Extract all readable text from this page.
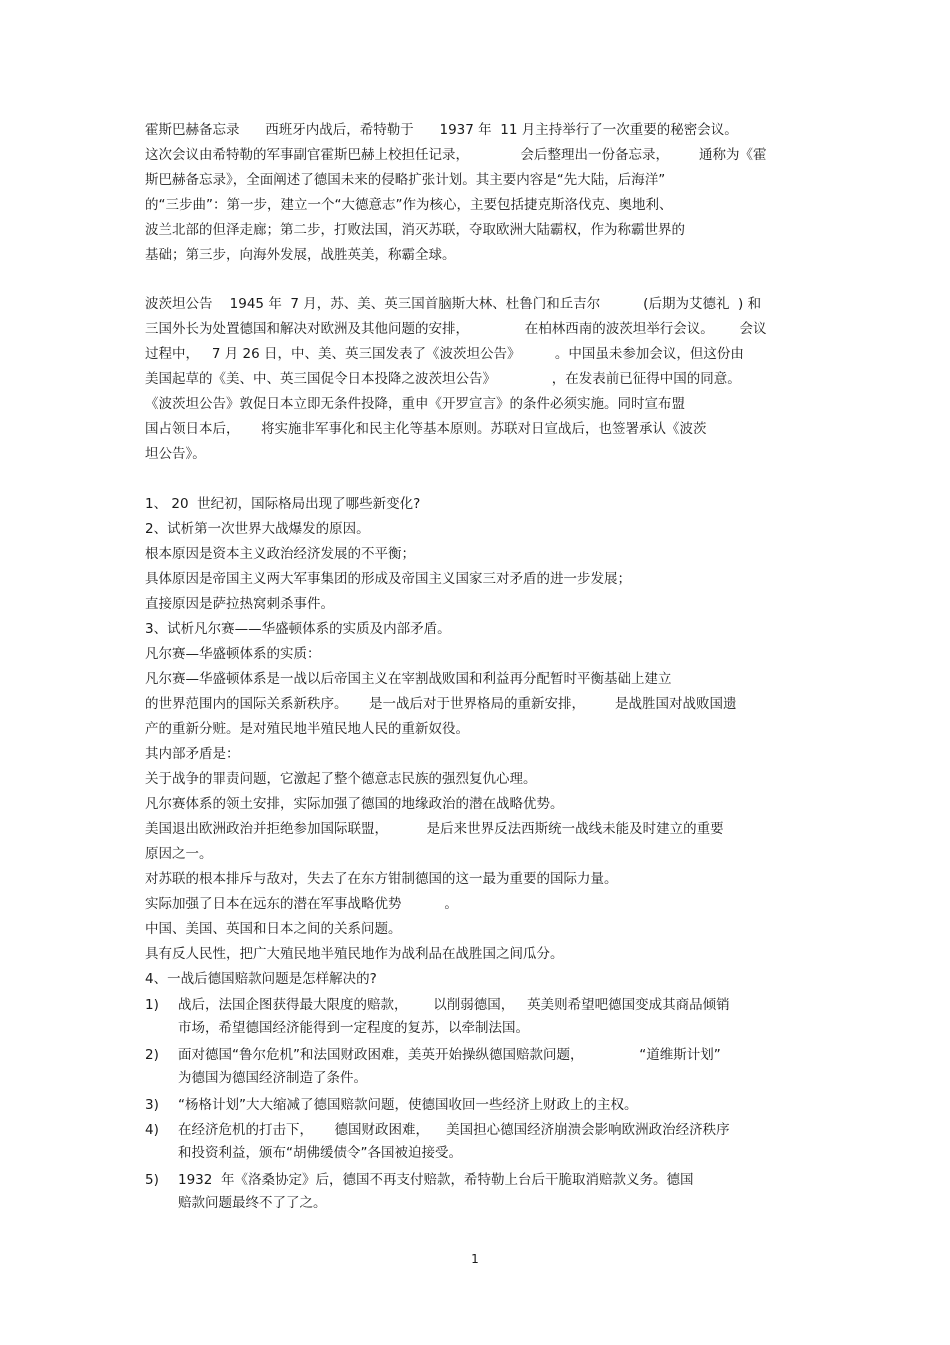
霍斯巴赫备忘录      西班牙内战后，希特勒于      1937 年  11 月主持举行了一次重要的秘密会议。
这次会议由希特勒的军事副官霍斯巴赫上校担任记录，            会后整理出一份备忘录，       通称为《霍
斯巴赫备忘录》，全面阐述了德国未来的侵略扩张计划。其主要内容是“先大陆，后海洋”
的“三步曲”：第一步，建立一个“大德意志”作为核心，主要包括捷克斯洛伐克、奥地利、
波兰北部的但泽走廊；第二步，打败法国，消灭苏联，夺取欧洲大陆霸权，作为称霸世界的
基础；第三步，向海外发展，战胜英美，称霸全球。
波茨坦公告    1945 年  7 月，苏、美、英三国首脑斯大林、杜鲁门和丘吉尔          (后期为艾德礼  ) 和
三国外长为处置德国和解决对欧洲及其他问题的安排，             在柏林西南的波茨坦举行会议。      会议
过程中，   7 月 26 日，中、美、英三国发表了《波茨坦公告》        。中国虽未参加会议，但这份由
美国起草的《美、中、英三国促令日本投降之波茨坦公告》             ，在发表前已征得中国的同意。
《波茨坦公告》敦促日本立即无条件投降，重申《开罗宣言》的条件必须实施。同时宣布盟
国占领日本后，     将实施非军事化和民主化等基本原则。苏联对日宣战后，也签署承认《波茨
坦公告》。
1、 20  世纪初，国际格局出现了哪些新变化?
2、试析第一次世界大战爆发的原因。
根本原因是资本主义政治经济发展的不平衡；
具体原因是帝国主义两大军事集团的形成及帝国主义国家三对矛盾的进一步发展；
直接原因是萨拉热窝刺杀事件。
3、试析凡尔赛——华盛顿体系的实质及内部矛盾。
凡尔赛—华盛顿体系的实质：
凡尔赛—华盛顿体系是一战以后帝国主义在宰割战败国和利益再分配暂时平衡基础上建立
的世界范围内的国际关系新秩序。     是一战后对于世界格局的重新安排，       是战胜国对战败国遗
产的重新分赃。是对殖民地半殖民地人民的重新奴役。
其内部矛盾是：
关于战争的罪责问题，它激起了整个德意志民族的强烈复仇心理。
凡尔赛体系的领土安排，实际加强了德国的地缘政治的潜在战略优势。
美国退出欧洲政治并拒绝参加国际联盟，         是后来世界反法西斯统一战线未能及时建立的重要
原因之一。
对苏联的根本排斥与敌对，失去了在东方钳制德国的这一最为重要的国际力量。
实际加强了日本在远东的潜在军事战略优势          。
中国、美国、英国和日本之间的关系问题。
具有反人民性，把广大殖民地半殖民地作为战利品在战胜国之间瓜分。
4、一战后德国赔款问题是怎样解决的?
1) 战后，法国企图获得最大限度的赔款，      以削弱德国，   英美则希望吧德国变成其商品倾销
市场，希望德国经济能得到一定程度的复苏，以牵制法国。
2) 面对德国“鲁尔危机”和法国财政困难，美英开始操纵德国赔款问题，             “道维斯计划”
为德国为德国经济制造了条件。
3) “杨格计划”大大缩减了德国赔款问题，使德国收回一些经济上财政上的主权。
4) 在经济危机的打击下，     德国财政困难，    美国担心德国经济崩溃会影响欧洲政治经济秩序
和投资利益，颁布“胡佛缓债令”各国被迫接受。
5) 1932  年《洛桑协定》后，德国不再支付赔款，希特勒上台后干脆取消赔款义务。德国
赔款问题最终不了了之。
1
